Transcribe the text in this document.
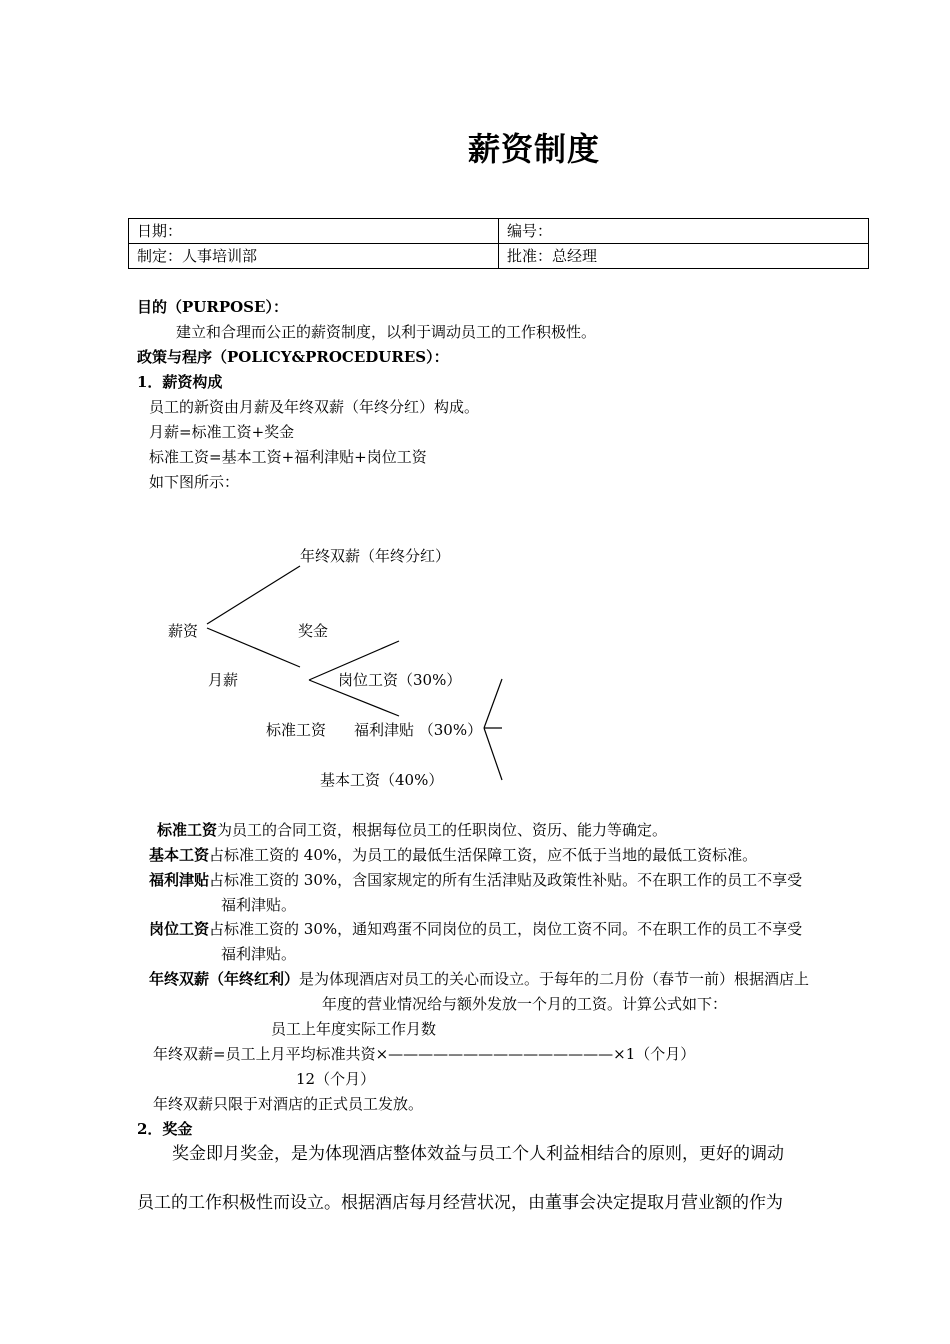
薪资制度
日期：	编号：
制定：人事培训部	批准：总经理
目的（PURPOSE）：
建立和合理而公正的薪资制度，以利于调动员工的工作积极性。
政策与程序（POLICY&PROCEDURES）：
1．薪资构成
员工的新资由月薪及年终双薪（年终分红）构成。
月薪=标准工资+奖金
标准工资=基本工资+福利津贴+岗位工资
如下图所示：
年终双薪（年终分红）
薪资	奖金
月薪	岗位工资（30%）
标准工资 福利津贴 （30%）
基本工资（40%）
标准工资为员工的合同工资，根据每位员工的任职岗位、资历、能力等确定。
基本工资占标准工资的 40%，为员工的最低生活保障工资，应不低于当地的最低工资标准。
福利津贴占标准工资的 30%，含国家规定的所有生活津贴及政策性补贴。不在职工作的员工不享受
福利津贴。
岗位工资占标准工资的 30%，通知鸡蛋不同岗位的员工，岗位工资不同。不在职工作的员工不享受
福利津贴。
年终双薪（年终红利）是为体现酒店对员工的关心而设立。于每年的二月份（春节一前）根据酒店上
年度的营业情况给与额外发放一个月的工资。计算公式如下：
员工上年度实际工作月数
年终双薪=员工上月平均标准共资×———————————————×1（个月）
12（个月）
年终双薪只限于对酒店的正式员工发放。
2．奖金
奖金即月奖金，是为体现酒店整体效益与员工个人利益相结合的原则，更好的调动
员工的工作积极性而设立。根据酒店每月经营状况，由董事会决定提取月营业额的作为
